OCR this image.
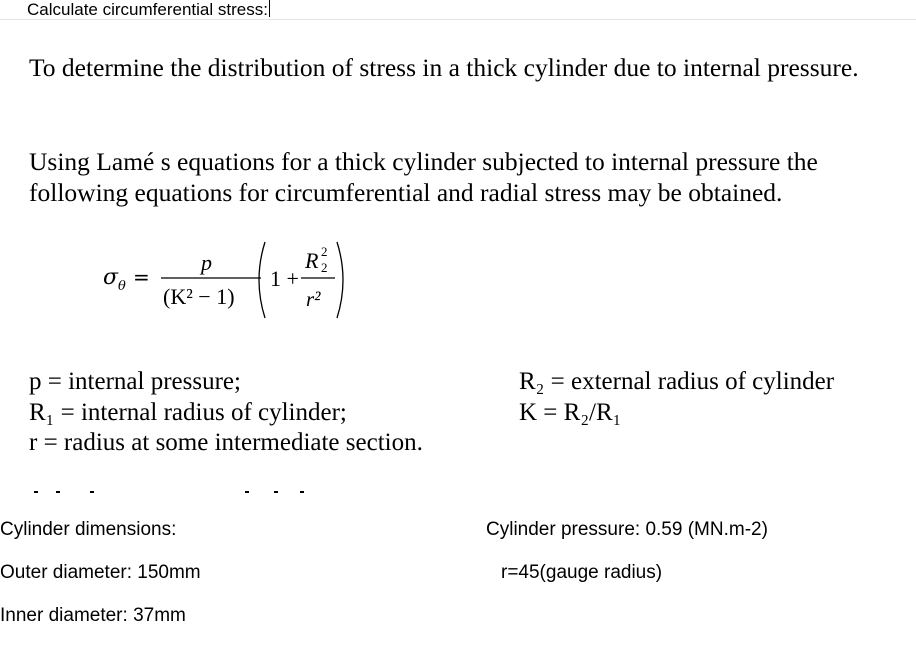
Calculate circumferential stress:

To determine the distribution of stress in a thick cylinder due to internal pressure.

Using Lamé s equations for a thick cylinder subjected to internal pressure the following equations for circumferential and radial stress may be obtained.

σ θ =
p
(K² − 1)
1 +
R 2
2
r²
p = internal pressure;
R₁ = internal radius of cylinder;
r = radius at some intermediate section.
R₂ = external radius of cylinder
K = R₂/R₁

Cylinder dimensions:

Outer diameter: 150mm

Inner diameter: 37mm

Cylinder pressure: 0.59 (MN.m-2)

r=45(gauge radius)
